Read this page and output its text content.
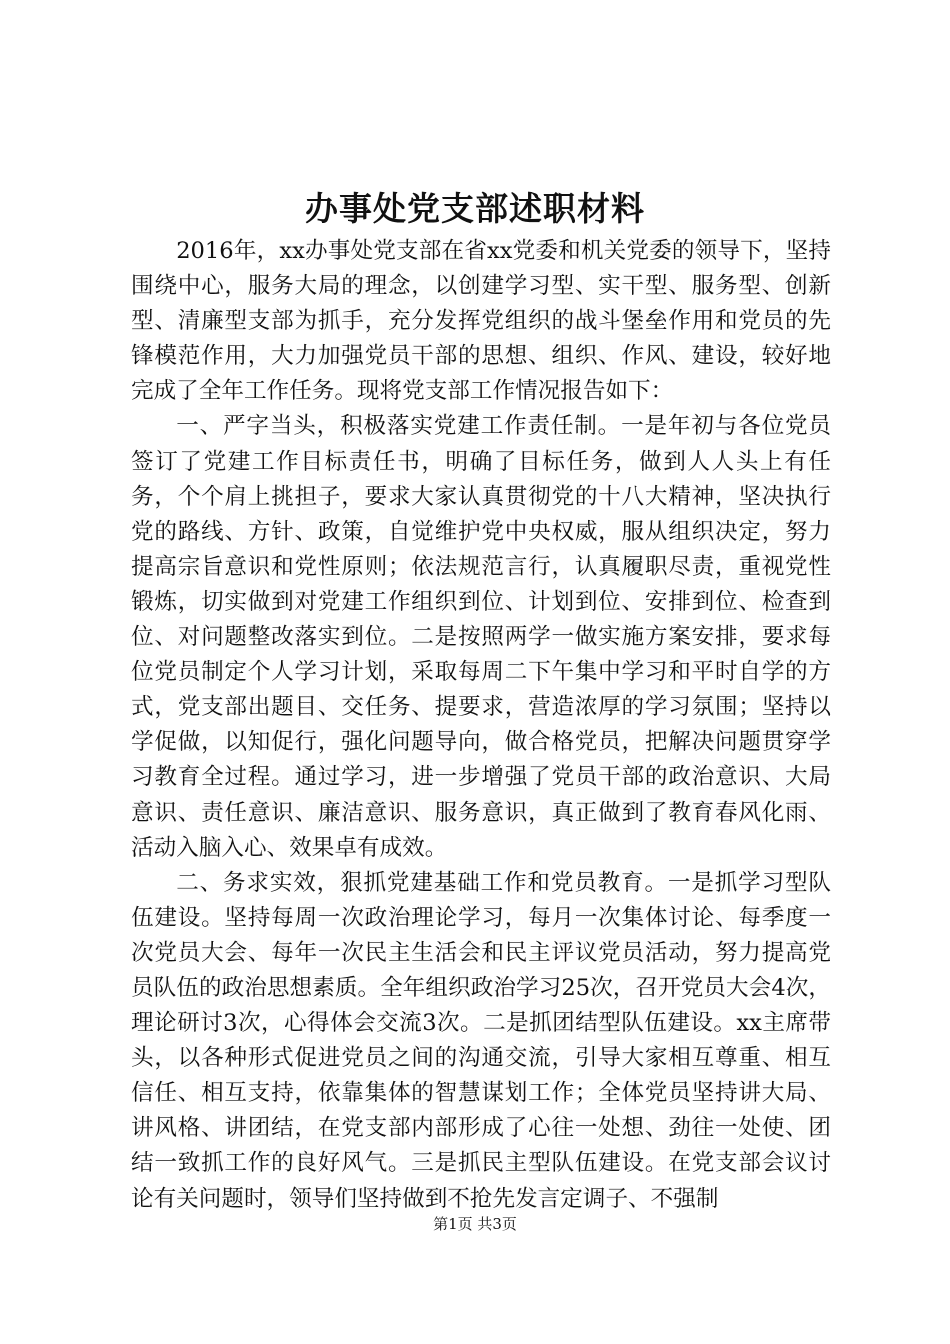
办事处党支部述职材料

2016年，xx办事处党支部在省xx党委和机关党委的领导下，坚持围绕中心，服务大局的理念，以创建学习型、实干型、服务型、创新型、清廉型支部为抓手，充分发挥党组织的战斗堡垒作用和党员的先锋模范作用，大力加强党员干部的思想、组织、作风、建设，较好地完成了全年工作任务。现将党支部工作情况报告如下：

一、严字当头，积极落实党建工作责任制。一是年初与各位党员签订了党建工作目标责任书，明确了目标任务，做到人人头上有任务，个个肩上挑担子，要求大家认真贯彻党的十八大精神，坚决执行党的路线、方针、政策，自觉维护党中央权威，服从组织决定，努力提高宗旨意识和党性原则；依法规范言行，认真履职尽责，重视党性锻炼，切实做到对党建工作组织到位、计划到位、安排到位、检查到位、对问题整改落实到位。二是按照两学一做实施方案安排，要求每位党员制定个人学习计划，采取每周二下午集中学习和平时自学的方式，党支部出题目、交任务、提要求，营造浓厚的学习氛围；坚持以学促做，以知促行，强化问题导向，做合格党员，把解决问题贯穿学习教育全过程。通过学习，进一步增强了党员干部的政治意识、大局意识、责任意识、廉洁意识、服务意识，真正做到了教育春风化雨、活动入脑入心、效果卓有成效。

二、务求实效，狠抓党建基础工作和党员教育。一是抓学习型队伍建设。坚持每周一次政治理论学习，每月一次集体讨论、每季度一次党员大会、每年一次民主生活会和民主评议党员活动，努力提高党员队伍的政治思想素质。全年组织政治学习25次，召开党员大会4次，理论研讨3次，心得体会交流3次。二是抓团结型队伍建设。xx主席带头，以各种形式促进党员之间的沟通交流，引导大家相互尊重、相互信任、相互支持，依靠集体的智慧谋划工作；全体党员坚持讲大局、讲风格、讲团结，在党支部内部形成了心往一处想、劲往一处使、团结一致抓工作的良好风气。三是抓民主型队伍建设。在党支部会议讨论有关问题时，领导们坚持做到不抢先发言定调子、不强制

第1页 共3页
